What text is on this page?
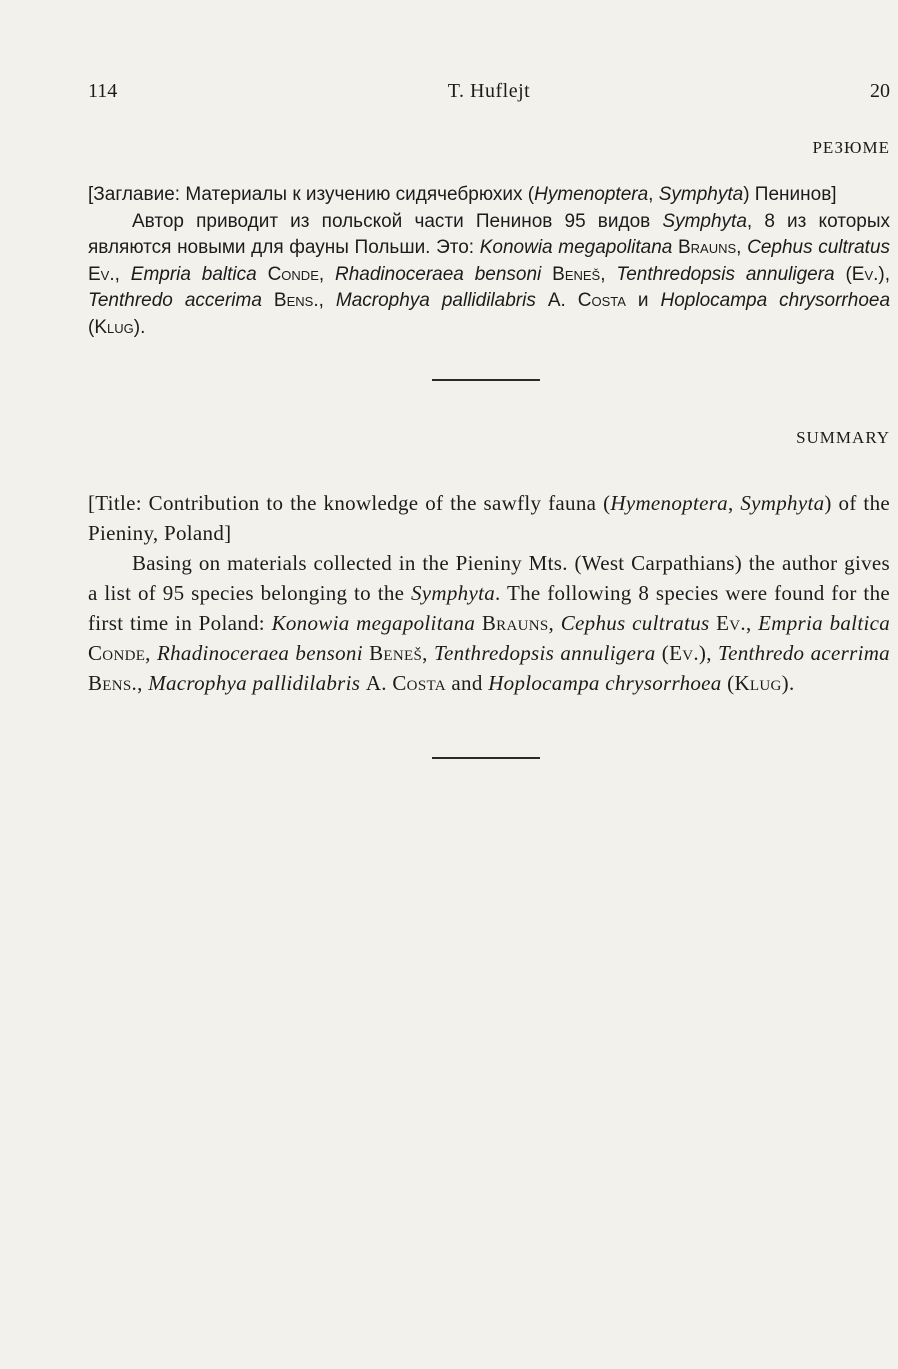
114	T. Huflejt	20

РЕЗЮМЕ

[Заглавие: Материалы к изучению сидячебрюхих (Hymenoptera, Symphyta) Пенинов]

Автор приводит из польской части Пенинов 95 видов Symphyta, 8 из которых являются новыми для фауны Польши. Это: Konowia megapolitana Brauns, Cephus cultratus Ev., Empria baltica Conde, Rhadinoceraea bensoni Beneš, Tenthredopsis annuligera (Ev.), Tenthredo accerima Bens., Macrophya pallidilabris A. Costa и Hoplocampa chrysorrhoea (Klug).

SUMMARY

[Title: Contribution to the knowledge of the sawfly fauna (Hymenoptera, Symphyta) of the Pieniny, Poland]

Basing on materials collected in the Pieniny Mts. (West Carpathians) the author gives a list of 95 species belonging to the Symphyta. The following 8 species were found for the first time in Poland: Konowia megapolitana Brauns, Cephus cultratus Ev., Empria baltica Conde, Rhadinoceraea bensoni Beneš, Tenthredopsis annuligera (Ev.), Tenthredo acerrima Bens., Macrophya pallidilabris A. Costa and Hoplocampa chrysorrhoea (Klug).
